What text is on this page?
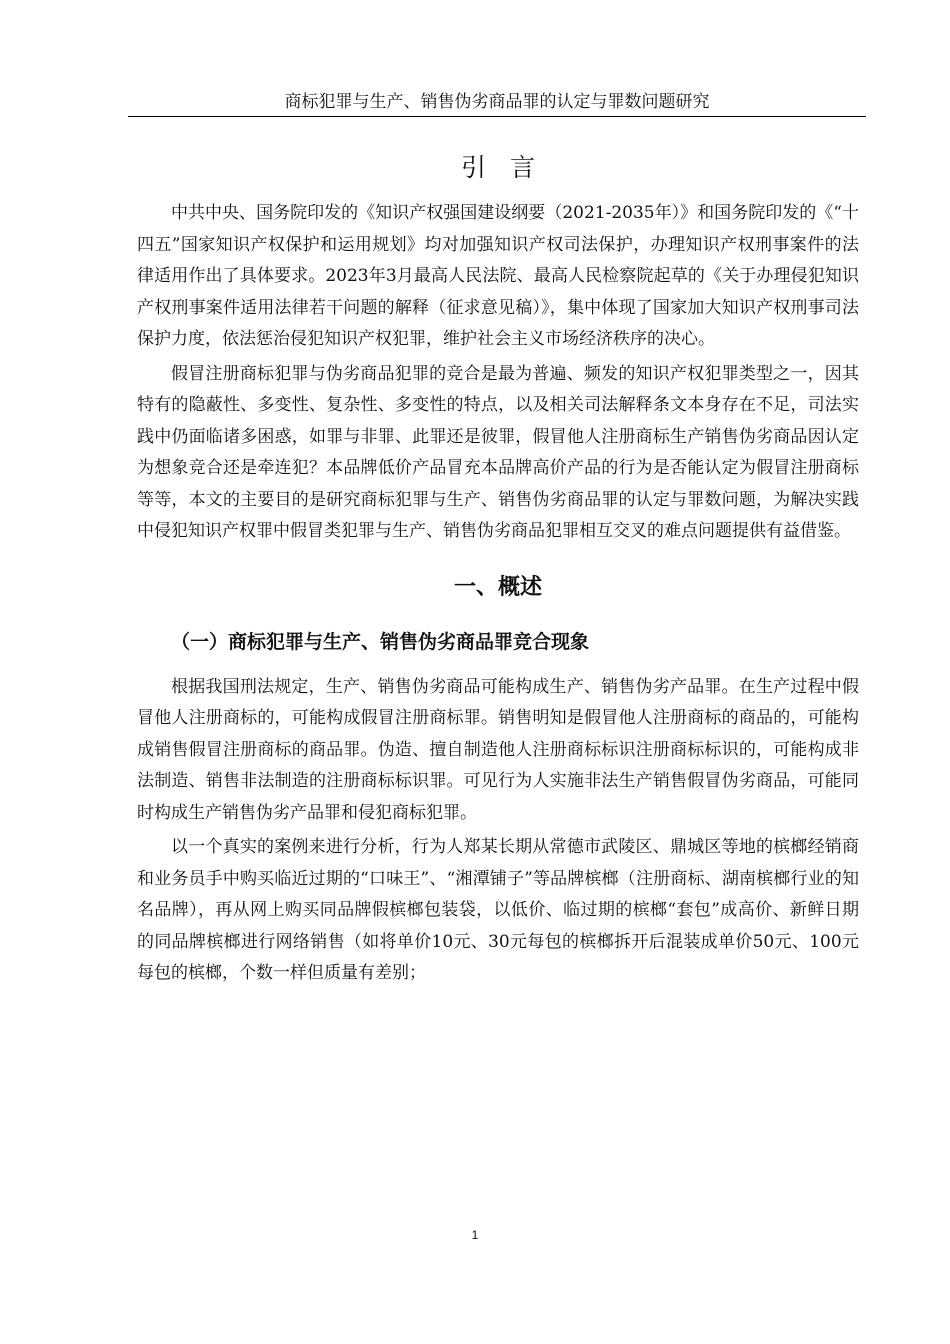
商标犯罪与生产、销售伪劣商品罪的认定与罪数问题研究
引言

中共中央、国务院印发的《知识产权强国建设纲要（2021-2035年）》和国务院印发的《“十四五”国家知识产权保护和运用规划》均对加强知识产权司法保护，办理知识产权刑事案件的法律适用作出了具体要求。2023年3月最高人民法院、最高人民检察院起草的《关于办理侵犯知识产权刑事案件适用法律若干问题的解释（征求意见稿）》，集中体现了国家加大知识产权刑事司法保护力度，依法惩治侵犯知识产权犯罪，维护社会主义市场经济秩序的决心。

假冒注册商标犯罪与伪劣商品犯罪的竞合是最为普遍、频发的知识产权犯罪类型之一，因其特有的隐蔽性、多变性、复杂性、多变性的特点，以及相关司法解释条文本身存在不足，司法实践中仍面临诸多困惑，如罪与非罪、此罪还是彼罪，假冒他人注册商标生产销售伪劣商品因认定为想象竞合还是牵连犯？本品牌低价产品冒充本品牌高价产品的行为是否能认定为假冒注册商标等等，本文的主要目的是研究商标犯罪与生产、销售伪劣商品罪的认定与罪数问题，为解决实践中侵犯知识产权罪中假冒类犯罪与生产、销售伪劣商品犯罪相互交叉的难点问题提供有益借鉴。

一、概述
（一）商标犯罪与生产、销售伪劣商品罪竞合现象

根据我国刑法规定，生产、销售伪劣商品可能构成生产、销售伪劣产品罪。在生产过程中假冒他人注册商标的，可能构成假冒注册商标罪。销售明知是假冒他人注册商标的商品的，可能构成销售假冒注册商标的商品罪。伪造、擅自制造他人注册商标标识注册商标标识的，可能构成非法制造、销售非法制造的注册商标标识罪。可见行为人实施非法生产销售假冒伪劣商品，可能同时构成生产销售伪劣产品罪和侵犯商标犯罪。

以一个真实的案例来进行分析，行为人郑某长期从常德市武陵区、鼎城区等地的槟榔经销商和业务员手中购买临近过期的“口味王”、“湘潭铺子”等品牌槟榔（注册商标、湖南槟榔行业的知名品牌），再从网上购买同品牌假槟榔包装袋，以低价、临过期的槟榔“套包”成高价、新鲜日期的同品牌槟榔进行网络销售（如将单价10元、30元每包的槟榔拆开后混装成单价50元、100元每包的槟榔，个数一样但质量有差别；

1
